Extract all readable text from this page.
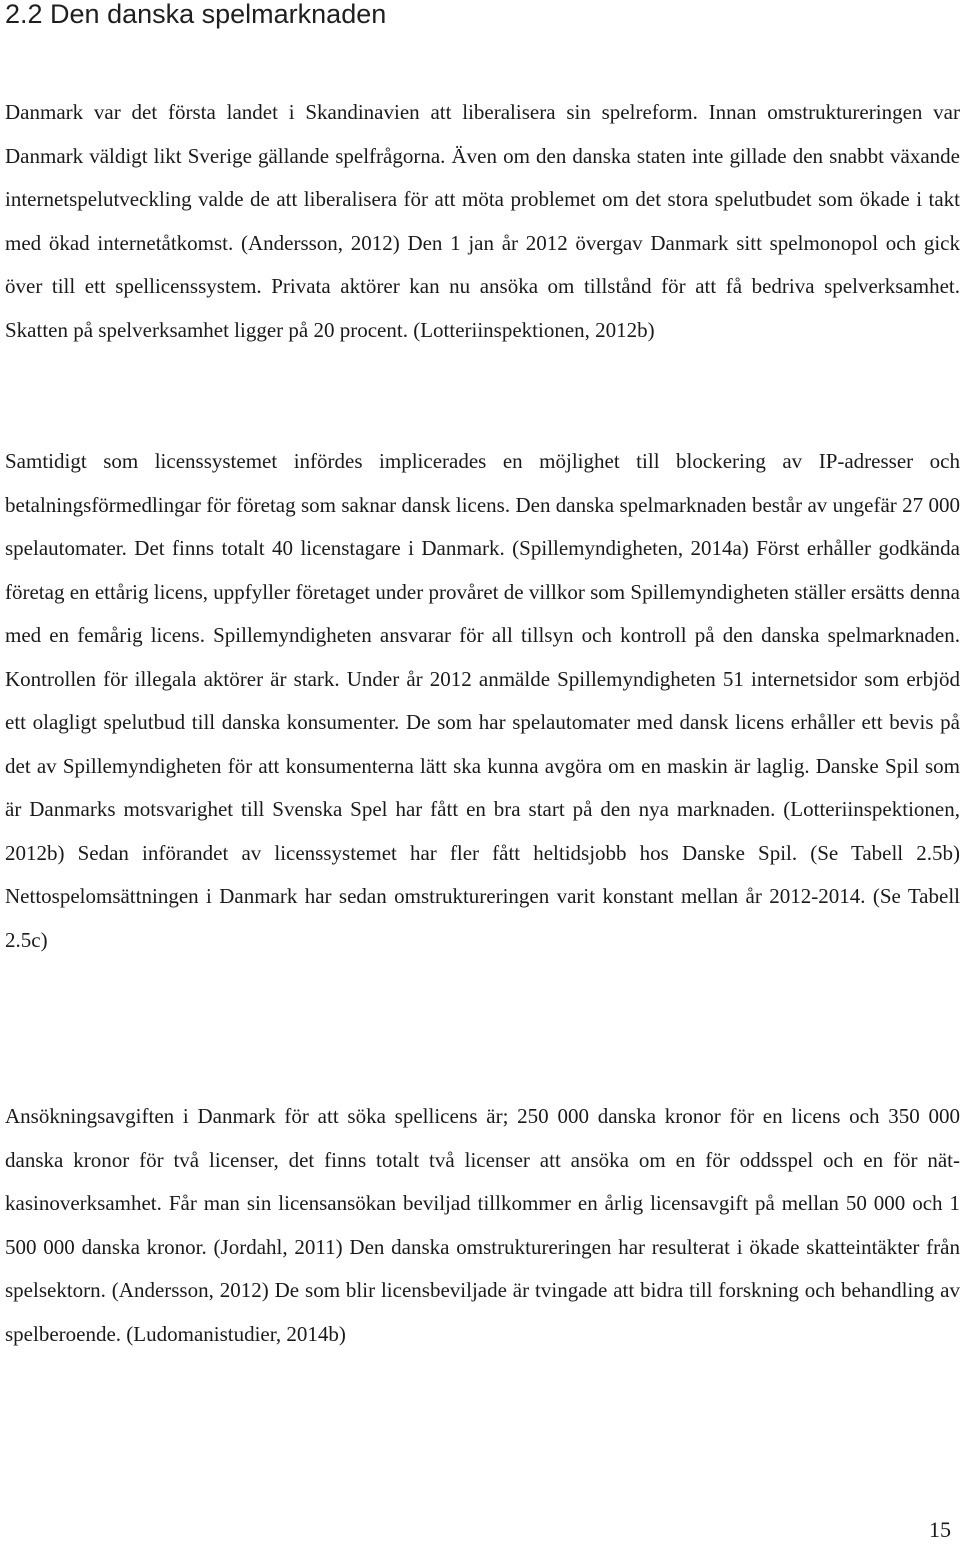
2.2 Den danska spelmarknaden

Danmark var det första landet i Skandinavien att liberalisera sin spelreform. Innan omstruktureringen var Danmark väldigt likt Sverige gällande spelfrågorna. Även om den danska staten inte gillade den snabbt växande internetspelutveckling valde de att liberalisera för att möta problemet om det stora spelutbudet som ökade i takt med ökad internetåtkomst. (Andersson, 2012) Den 1 jan år 2012 övergav Danmark sitt spelmonopol och gick över till ett spellicenssystem. Privata aktörer kan nu ansöka om tillstånd för att få bedriva spelverksamhet. Skatten på spelverksamhet ligger på 20 procent. (Lotteriinspektionen, 2012b)

Samtidigt som licenssystemet infördes implicerades en möjlighet till blockering av IP-adresser och betalningsförmedlingar för företag som saknar dansk licens. Den danska spelmarknaden består av ungefär 27 000 spelautomater. Det finns totalt 40 licenstagare i Danmark. (Spillemyndigheten, 2014a) Först erhåller godkända företag en ettårig licens, uppfyller företaget under provåret de villkor som Spillemyndigheten ställer ersätts denna med en femårig licens. Spillemyndigheten ansvarar för all tillsyn och kontroll på den danska spelmarknaden. Kontrollen för illegala aktörer är stark. Under år 2012 anmälde Spillemyndigheten 51 internetsidor som erbjöd ett olagligt spelutbud till danska konsumenter. De som har spelautomater med dansk licens erhåller ett bevis på det av Spillemyndigheten för att konsumenterna lätt ska kunna avgöra om en maskin är laglig. Danske Spil som är Danmarks motsvarighet till Svenska Spel har fått en bra start på den nya marknaden. (Lotteriinspektionen, 2012b) Sedan införandet av licenssystemet har fler fått heltidsjobb hos Danske Spil. (Se Tabell 2.5b) Nettospelomsättningen i Danmark har sedan omstruktureringen varit konstant mellan år 2012-2014. (Se Tabell 2.5c)

Ansökningsavgiften i Danmark för att söka spellicens är; 250 000 danska kronor för en licens och 350 000 danska kronor för två licenser, det finns totalt två licenser att ansöka om en för oddsspel och en för nät-kasinoverksamhet. Får man sin licensansökan beviljad tillkommer en årlig licensavgift på mellan 50 000 och 1 500 000 danska kronor. (Jordahl, 2011) Den danska omstruktureringen har resulterat i ökade skatteintäkter från spelsektorn. (Andersson, 2012) De som blir licensbeviljade är tvingade att bidra till forskning och behandling av spelberoende. (Ludomanistudier, 2014b)

15
